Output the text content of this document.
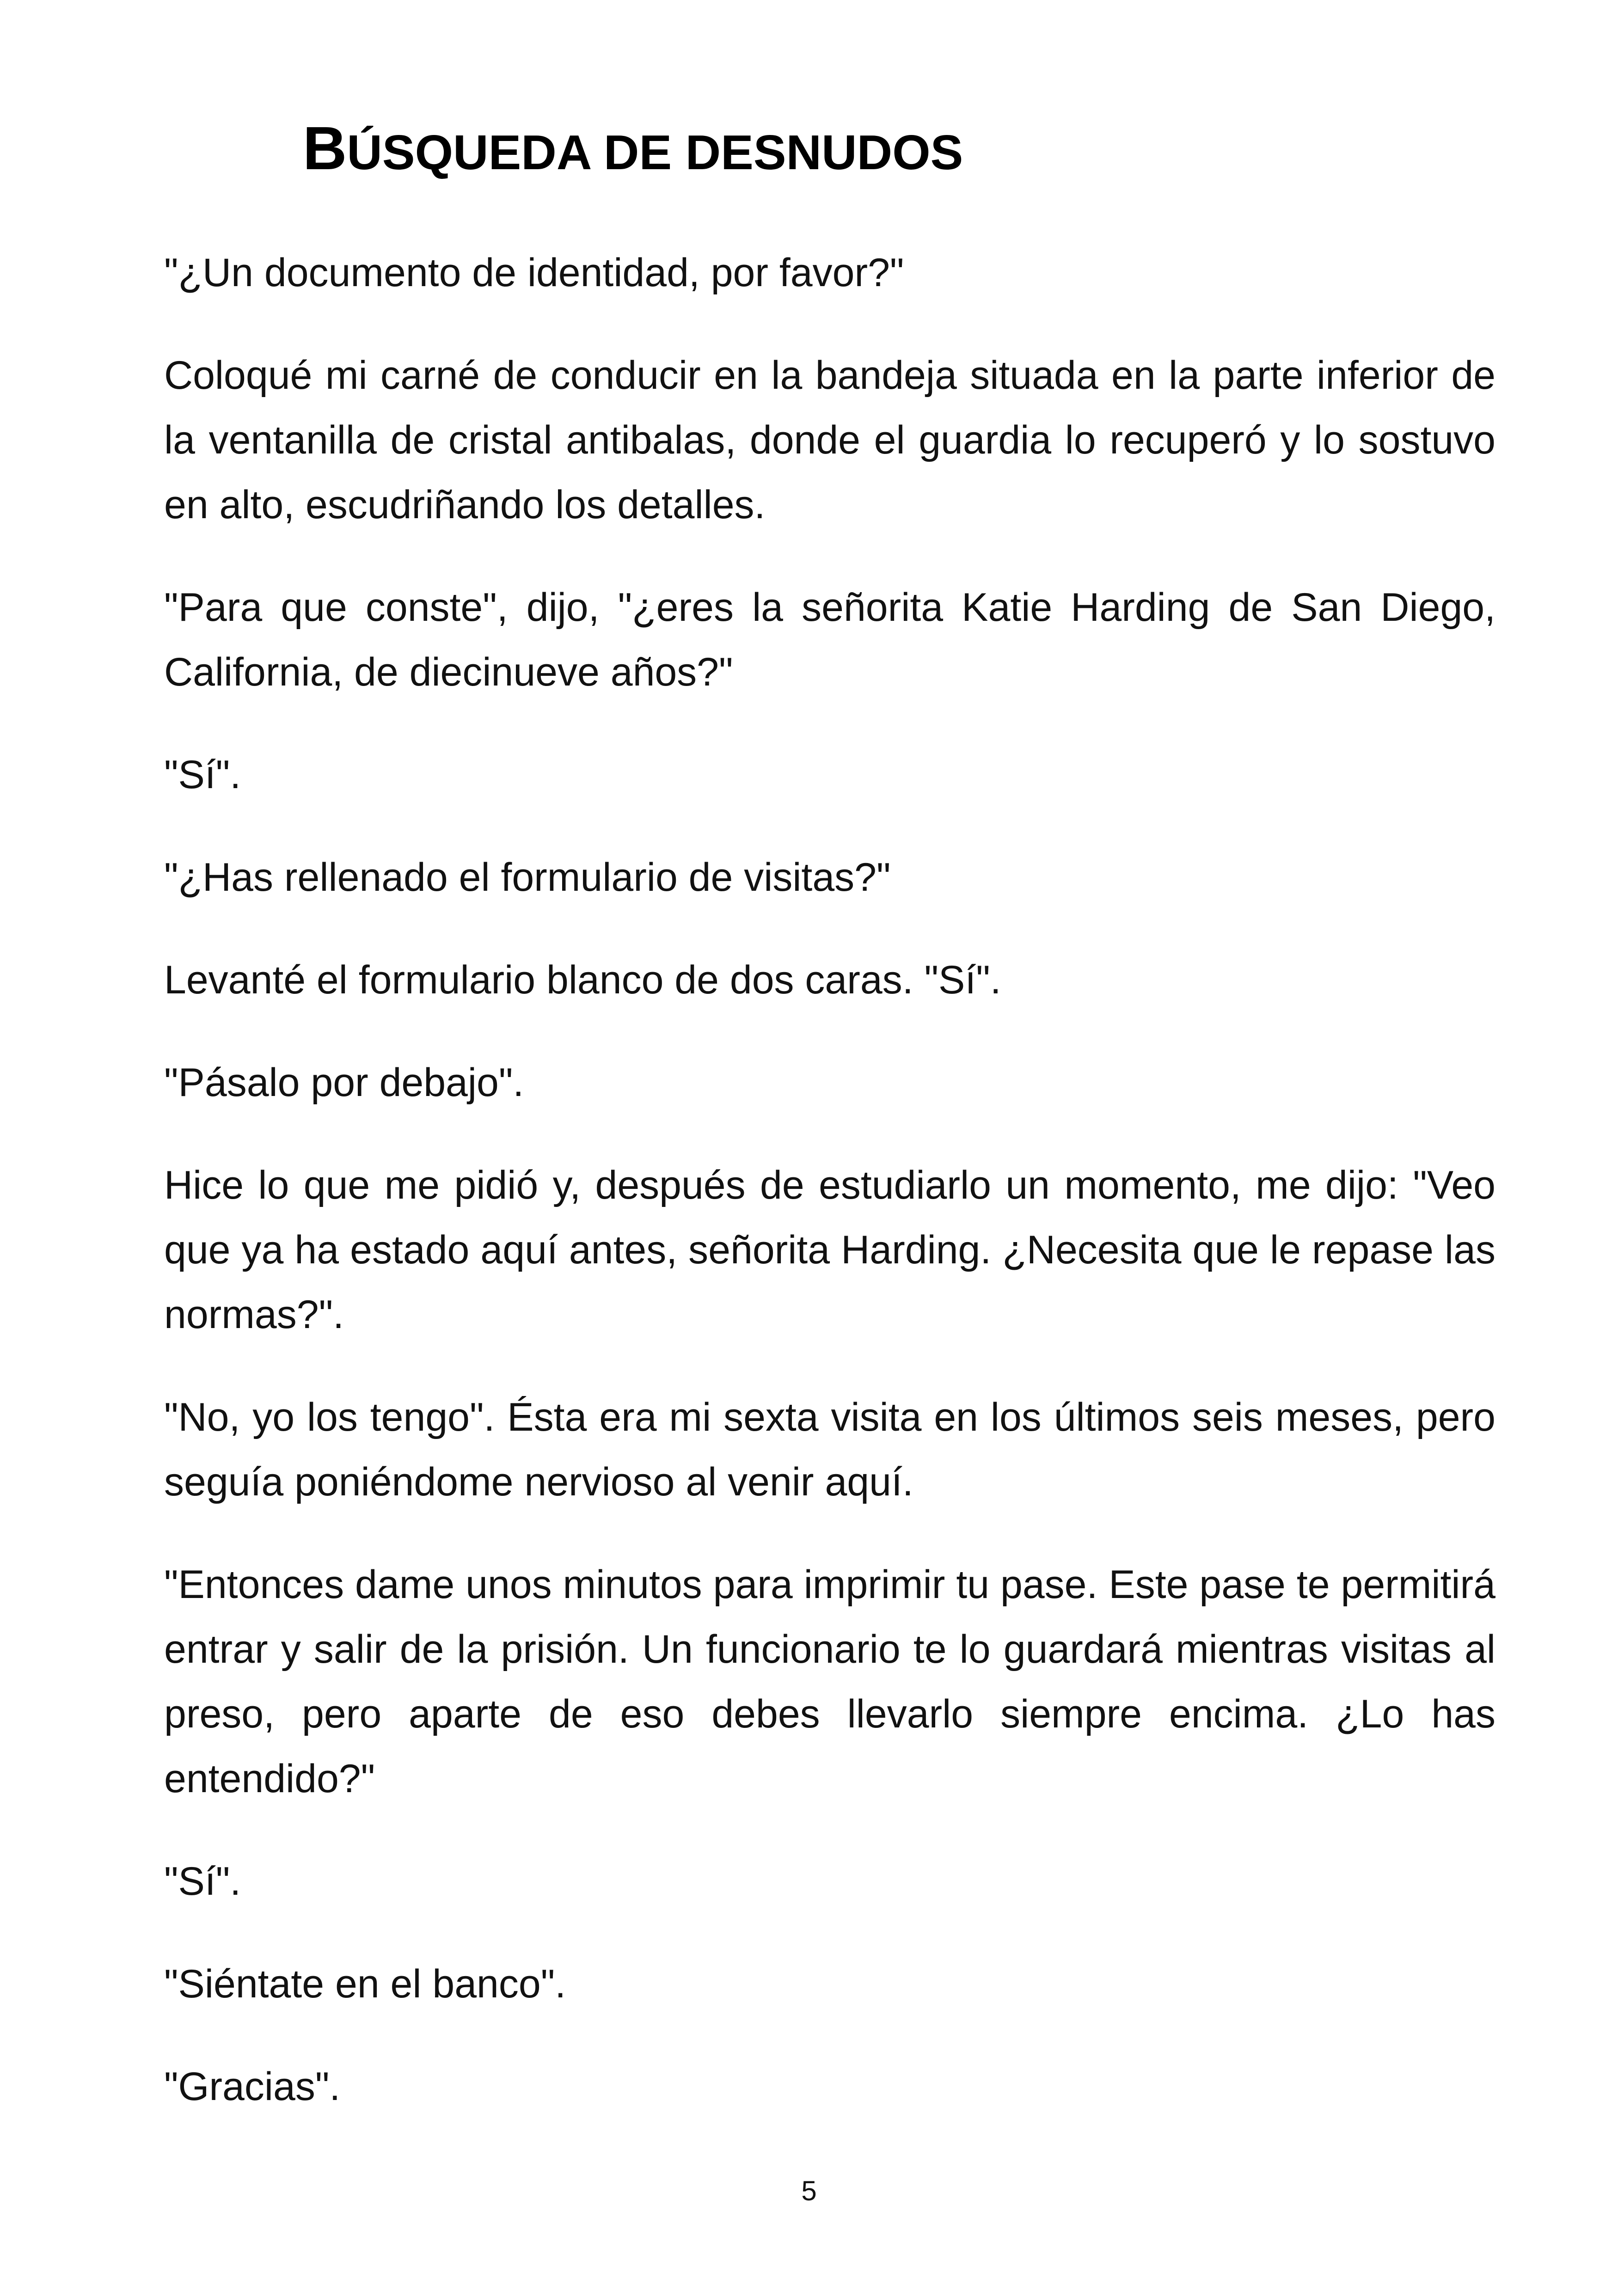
BÚSQUEDA DE DESNUDOS

"¿Un documento de identidad, por favor?"

Coloqué mi carné de conducir en la bandeja situada en la parte inferior de la ventanilla de cristal antibalas, donde el guardia lo recuperó y lo sostuvo en alto, escudriñando los detalles.

"Para que conste", dijo, "¿eres la señorita Katie Harding de San Diego, California, de diecinueve años?"

"Sí".

"¿Has rellenado el formulario de visitas?"

Levanté el formulario blanco de dos caras. "Sí".

"Pásalo por debajo".

Hice lo que me pidió y, después de estudiarlo un momento, me dijo: "Veo que ya ha estado aquí antes, señorita Harding. ¿Necesita que le repase las normas?".

"No, yo los tengo". Ésta era mi sexta visita en los últimos seis meses, pero seguía poniéndome nervioso al venir aquí.

"Entonces dame unos minutos para imprimir tu pase. Este pase te permitirá entrar y salir de la prisión. Un funcionario te lo guardará mientras visitas al preso, pero aparte de eso debes llevarlo siempre encima. ¿Lo has entendido?"

"Sí".

"Siéntate en el banco".

"Gracias".

5
